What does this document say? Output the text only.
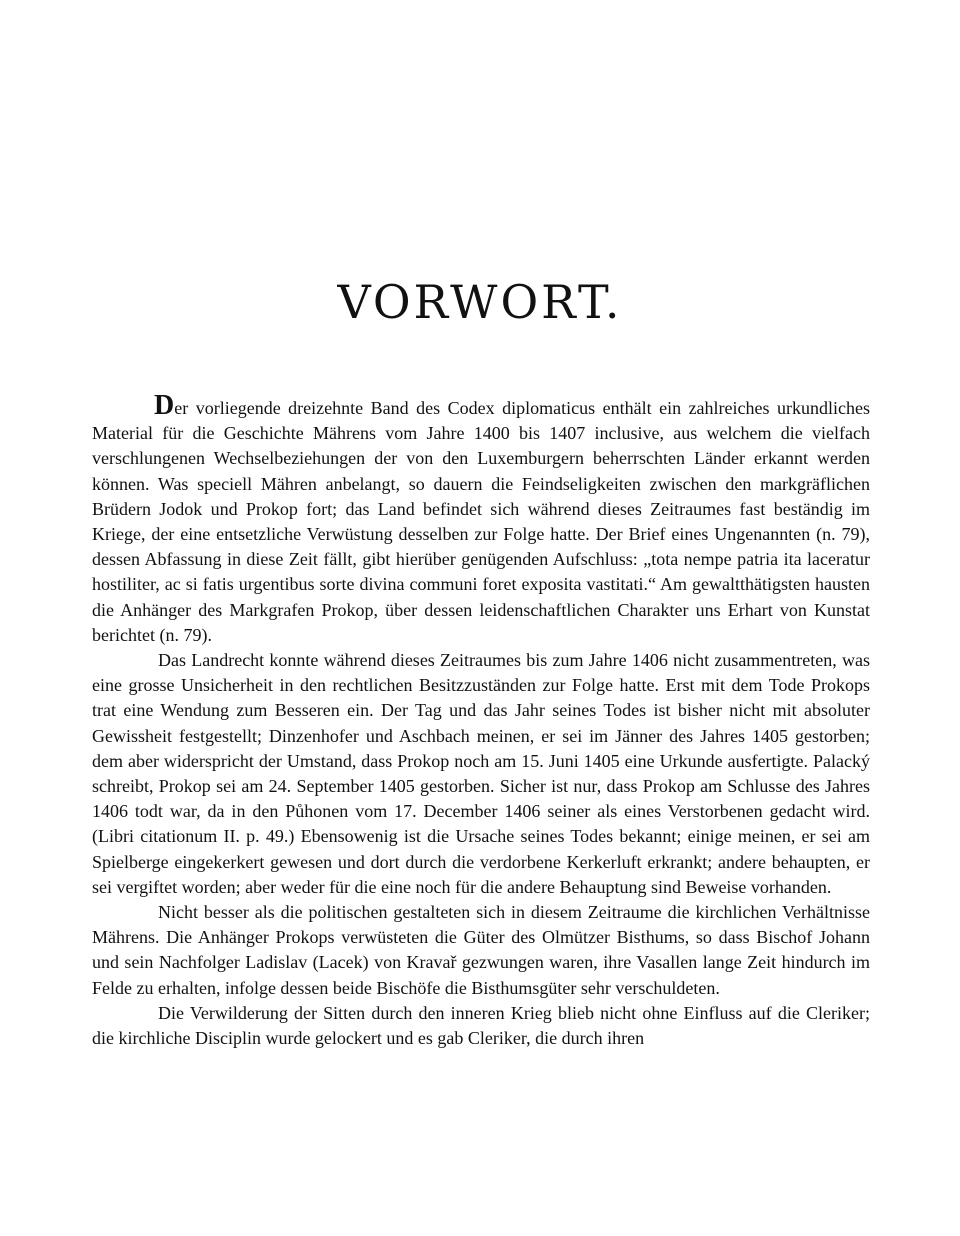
VORWORT.

Der vorliegende dreizehnte Band des Codex diplomaticus enthält ein zahlreiches urkundliches Material für die Geschichte Mährens vom Jahre 1400 bis 1407 inclusive, aus welchem die vielfach verschlungenen Wechselbeziehungen der von den Luxemburgern beherrschten Länder erkannt werden können. Was speciell Mähren anbelangt, so dauern die Feindseligkeiten zwischen den markgräflichen Brüdern Jodok und Prokop fort; das Land befindet sich während dieses Zeitraumes fast beständig im Kriege, der eine entsetzliche Verwüstung desselben zur Folge hatte. Der Brief eines Ungenannten (n. 79), dessen Abfassung in diese Zeit fällt, gibt hierüber genügenden Aufschluss: „tota nempe patria ita laceratur hostiliter, ac si fatis urgentibus sorte divina communi foret exposita vastitati.“ Am gewaltthätigsten hausten die Anhänger des Markgrafen Prokop, über dessen leidenschaftlichen Charakter uns Erhart von Kunstat berichtet (n. 79).

Das Landrecht konnte während dieses Zeitraumes bis zum Jahre 1406 nicht zusammentreten, was eine grosse Unsicherheit in den rechtlichen Besitzzuständen zur Folge hatte. Erst mit dem Tode Prokops trat eine Wendung zum Besseren ein. Der Tag und das Jahr seines Todes ist bisher nicht mit absoluter Gewissheit festgestellt; Dinzenhofer und Aschbach meinen, er sei im Jänner des Jahres 1405 gestorben; dem aber widerspricht der Umstand, dass Prokop noch am 15. Juni 1405 eine Urkunde ausfertigte. Palacký schreibt, Prokop sei am 24. September 1405 gestorben. Sicher ist nur, dass Prokop am Schlusse des Jahres 1406 todt war, da in den Půhonen vom 17. December 1406 seiner als eines Verstorbenen gedacht wird. (Libri citationum II. p. 49.) Ebensowenig ist die Ursache seines Todes bekannt; einige meinen, er sei am Spielberge eingekerkert gewesen und dort durch die verdorbene Kerkerluft erkrankt; andere behaupten, er sei vergiftet worden; aber weder für die eine noch für die andere Behauptung sind Beweise vorhanden.

Nicht besser als die politischen gestalteten sich in diesem Zeitraume die kirchlichen Verhältnisse Mährens. Die Anhänger Prokops verwüsteten die Güter des Olmützer Bisthums, so dass Bischof Johann und sein Nachfolger Ladislav (Lacek) von Kravař gezwungen waren, ihre Vasallen lange Zeit hindurch im Felde zu erhalten, infolge dessen beide Bischöfe die Bisthumsgüter sehr verschuldeten.

Die Verwilderung der Sitten durch den inneren Krieg blieb nicht ohne Einfluss auf die Cleriker; die kirchliche Disciplin wurde gelockert und es gab Cleriker, die durch ihren
